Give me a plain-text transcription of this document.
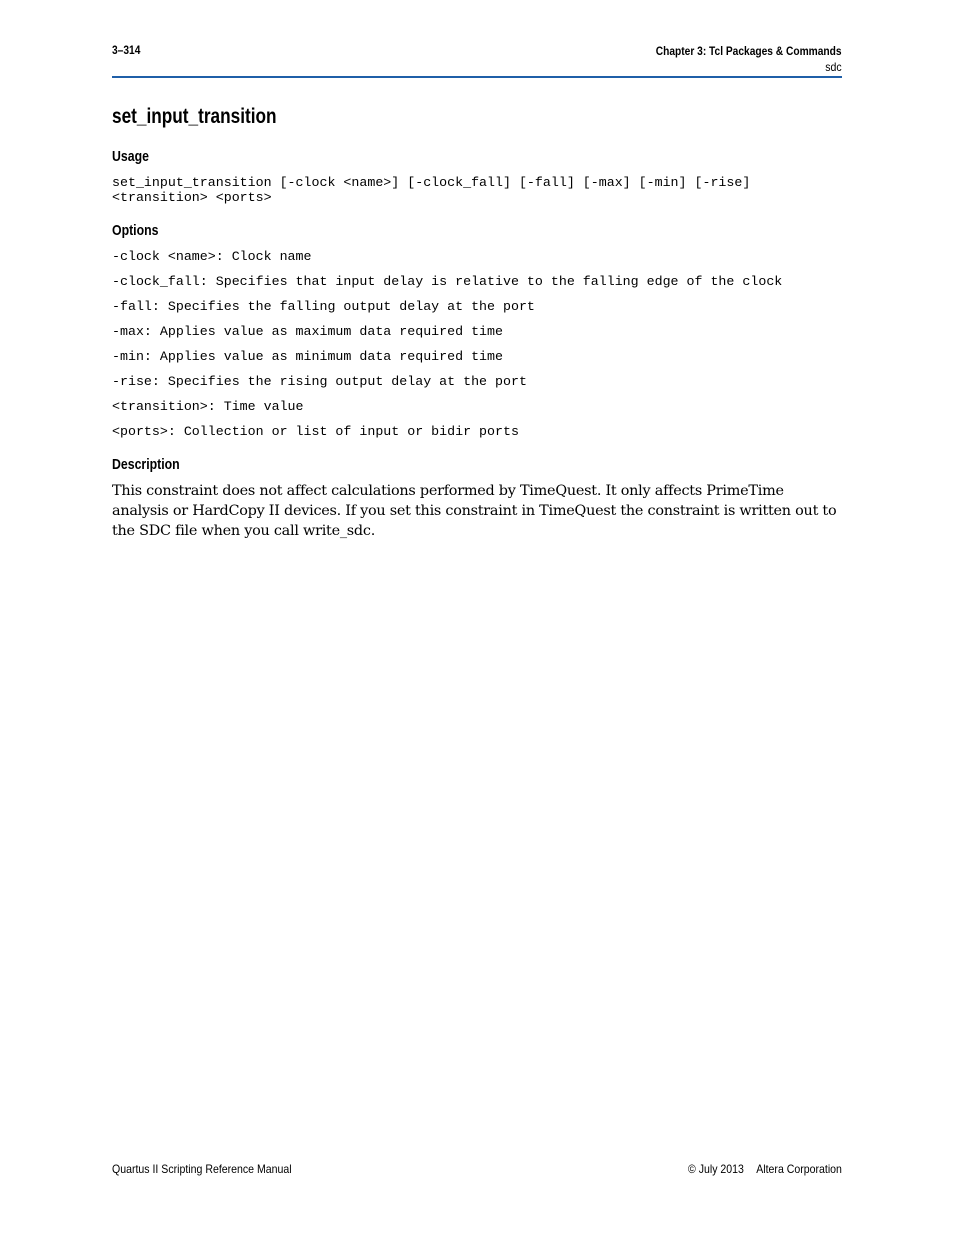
3–314	Chapter 3: Tcl Packages & Commands
sdc
set_input_transition
Usage
set_input_transition [-clock <name>] [-clock_fall] [-fall] [-max] [-min] [-rise]
<transition> <ports>
Options
-clock <name>: Clock name
-clock_fall: Specifies that input delay is relative to the falling edge of the clock
-fall: Specifies the falling output delay at the port
-max: Applies value as maximum data required time
-min: Applies value as minimum data required time
-rise: Specifies the rising output delay at the port
<transition>: Time value
<ports>: Collection or list of input or bidir ports
Description

This constraint does not affect calculations performed by TimeQuest. It only affects PrimeTime analysis or HardCopy II devices. If you set this constraint in TimeQuest the constraint is written out to the SDC file when you call write_sdc.

Quartus II Scripting Reference Manual	© July 2013 Altera Corporation
